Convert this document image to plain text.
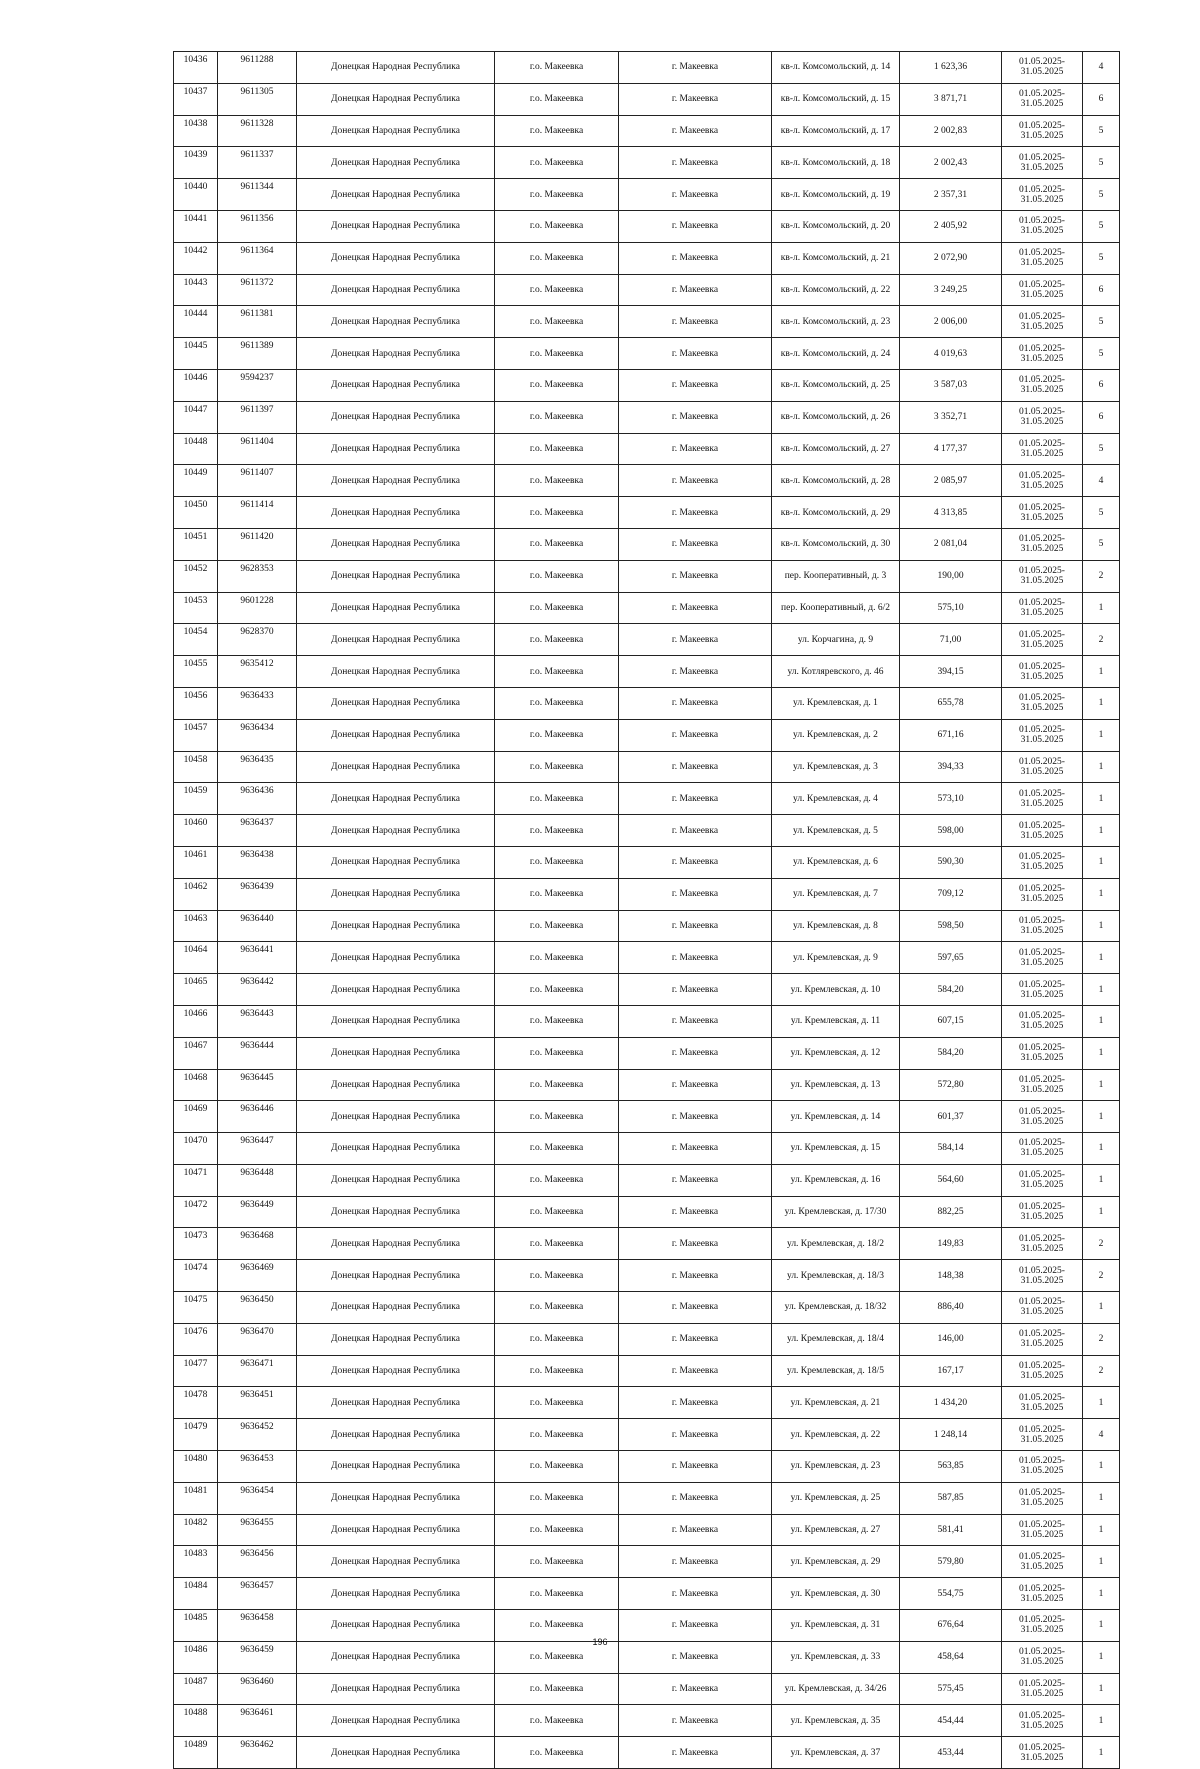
10436	9611288	Донецкая Народная Республика	г.о. Макеевка	г. Макеевка	кв-л. Комсомольский, д. 14	1 623,36	01.05.2025-31.05.2025	4
10437	9611305	Донецкая Народная Республика	г.о. Макеевка	г. Макеевка	кв-л. Комсомольский, д. 15	3 871,71	01.05.2025-31.05.2025	6
10438	9611328	Донецкая Народная Республика	г.о. Макеевка	г. Макеевка	кв-л. Комсомольский, д. 17	2 002,83	01.05.2025-31.05.2025	5
10439	9611337	Донецкая Народная Республика	г.о. Макеевка	г. Макеевка	кв-л. Комсомольский, д. 18	2 002,43	01.05.2025-31.05.2025	5
10440	9611344	Донецкая Народная Республика	г.о. Макеевка	г. Макеевка	кв-л. Комсомольский, д. 19	2 357,31	01.05.2025-31.05.2025	5
10441	9611356	Донецкая Народная Республика	г.о. Макеевка	г. Макеевка	кв-л. Комсомольский, д. 20	2 405,92	01.05.2025-31.05.2025	5
10442	9611364	Донецкая Народная Республика	г.о. Макеевка	г. Макеевка	кв-л. Комсомольский, д. 21	2 072,90	01.05.2025-31.05.2025	5
10443	9611372	Донецкая Народная Республика	г.о. Макеевка	г. Макеевка	кв-л. Комсомольский, д. 22	3 249,25	01.05.2025-31.05.2025	6
10444	9611381	Донецкая Народная Республика	г.о. Макеевка	г. Макеевка	кв-л. Комсомольский, д. 23	2 006,00	01.05.2025-31.05.2025	5
10445	9611389	Донецкая Народная Республика	г.о. Макеевка	г. Макеевка	кв-л. Комсомольский, д. 24	4 019,63	01.05.2025-31.05.2025	5
10446	9594237	Донецкая Народная Республика	г.о. Макеевка	г. Макеевка	кв-л. Комсомольский, д. 25	3 587,03	01.05.2025-31.05.2025	6
10447	9611397	Донецкая Народная Республика	г.о. Макеевка	г. Макеевка	кв-л. Комсомольский, д. 26	3 352,71	01.05.2025-31.05.2025	6
10448	9611404	Донецкая Народная Республика	г.о. Макеевка	г. Макеевка	кв-л. Комсомольский, д. 27	4 177,37	01.05.2025-31.05.2025	5
10449	9611407	Донецкая Народная Республика	г.о. Макеевка	г. Макеевка	кв-л. Комсомольский, д. 28	2 085,97	01.05.2025-31.05.2025	4
10450	9611414	Донецкая Народная Республика	г.о. Макеевка	г. Макеевка	кв-л. Комсомольский, д. 29	4 313,85	01.05.2025-31.05.2025	5
10451	9611420	Донецкая Народная Республика	г.о. Макеевка	г. Макеевка	кв-л. Комсомольский, д. 30	2 081,04	01.05.2025-31.05.2025	5
10452	9628353	Донецкая Народная Республика	г.о. Макеевка	г. Макеевка	пер. Кооперативный, д. 3	190,00	01.05.2025-31.05.2025	2
10453	9601228	Донецкая Народная Республика	г.о. Макеевка	г. Макеевка	пер. Кооперативный, д. 6/2	575,10	01.05.2025-31.05.2025	1
10454	9628370	Донецкая Народная Республика	г.о. Макеевка	г. Макеевка	ул. Корчагина, д. 9	71,00	01.05.2025-31.05.2025	2
10455	9635412	Донецкая Народная Республика	г.о. Макеевка	г. Макеевка	ул. Котляревского, д. 46	394,15	01.05.2025-31.05.2025	1
10456	9636433	Донецкая Народная Республика	г.о. Макеевка	г. Макеевка	ул. Кремлевская, д. 1	655,78	01.05.2025-31.05.2025	1
10457	9636434	Донецкая Народная Республика	г.о. Макеевка	г. Макеевка	ул. Кремлевская, д. 2	671,16	01.05.2025-31.05.2025	1
10458	9636435	Донецкая Народная Республика	г.о. Макеевка	г. Макеевка	ул. Кремлевская, д. 3	394,33	01.05.2025-31.05.2025	1
10459	9636436	Донецкая Народная Республика	г.о. Макеевка	г. Макеевка	ул. Кремлевская, д. 4	573,10	01.05.2025-31.05.2025	1
10460	9636437	Донецкая Народная Республика	г.о. Макеевка	г. Макеевка	ул. Кремлевская, д. 5	598,00	01.05.2025-31.05.2025	1
10461	9636438	Донецкая Народная Республика	г.о. Макеевка	г. Макеевка	ул. Кремлевская, д. 6	590,30	01.05.2025-31.05.2025	1
10462	9636439	Донецкая Народная Республика	г.о. Макеевка	г. Макеевка	ул. Кремлевская, д. 7	709,12	01.05.2025-31.05.2025	1
10463	9636440	Донецкая Народная Республика	г.о. Макеевка	г. Макеевка	ул. Кремлевская, д. 8	598,50	01.05.2025-31.05.2025	1
10464	9636441	Донецкая Народная Республика	г.о. Макеевка	г. Макеевка	ул. Кремлевская, д. 9	597,65	01.05.2025-31.05.2025	1
10465	9636442	Донецкая Народная Республика	г.о. Макеевка	г. Макеевка	ул. Кремлевская, д. 10	584,20	01.05.2025-31.05.2025	1
10466	9636443	Донецкая Народная Республика	г.о. Макеевка	г. Макеевка	ул. Кремлевская, д. 11	607,15	01.05.2025-31.05.2025	1
10467	9636444	Донецкая Народная Республика	г.о. Макеевка	г. Макеевка	ул. Кремлевская, д. 12	584,20	01.05.2025-31.05.2025	1
10468	9636445	Донецкая Народная Республика	г.о. Макеевка	г. Макеевка	ул. Кремлевская, д. 13	572,80	01.05.2025-31.05.2025	1
10469	9636446	Донецкая Народная Республика	г.о. Макеевка	г. Макеевка	ул. Кремлевская, д. 14	601,37	01.05.2025-31.05.2025	1
10470	9636447	Донецкая Народная Республика	г.о. Макеевка	г. Макеевка	ул. Кремлевская, д. 15	584,14	01.05.2025-31.05.2025	1
10471	9636448	Донецкая Народная Республика	г.о. Макеевка	г. Макеевка	ул. Кремлевская, д. 16	564,60	01.05.2025-31.05.2025	1
10472	9636449	Донецкая Народная Республика	г.о. Макеевка	г. Макеевка	ул. Кремлевская, д. 17/30	882,25	01.05.2025-31.05.2025	1
10473	9636468	Донецкая Народная Республика	г.о. Макеевка	г. Макеевка	ул. Кремлевская, д. 18/2	149,83	01.05.2025-31.05.2025	2
10474	9636469	Донецкая Народная Республика	г.о. Макеевка	г. Макеевка	ул. Кремлевская, д. 18/3	148,38	01.05.2025-31.05.2025	2
10475	9636450	Донецкая Народная Республика	г.о. Макеевка	г. Макеевка	ул. Кремлевская, д. 18/32	886,40	01.05.2025-31.05.2025	1
10476	9636470	Донецкая Народная Республика	г.о. Макеевка	г. Макеевка	ул. Кремлевская, д. 18/4	146,00	01.05.2025-31.05.2025	2
10477	9636471	Донецкая Народная Республика	г.о. Макеевка	г. Макеевка	ул. Кремлевская, д. 18/5	167,17	01.05.2025-31.05.2025	2
10478	9636451	Донецкая Народная Республика	г.о. Макеевка	г. Макеевка	ул. Кремлевская, д. 21	1 434,20	01.05.2025-31.05.2025	1
10479	9636452	Донецкая Народная Республика	г.о. Макеевка	г. Макеевка	ул. Кремлевская, д. 22	1 248,14	01.05.2025-31.05.2025	4
10480	9636453	Донецкая Народная Республика	г.о. Макеевка	г. Макеевка	ул. Кремлевская, д. 23	563,85	01.05.2025-31.05.2025	1
10481	9636454	Донецкая Народная Республика	г.о. Макеевка	г. Макеевка	ул. Кремлевская, д. 25	587,85	01.05.2025-31.05.2025	1
10482	9636455	Донецкая Народная Республика	г.о. Макеевка	г. Макеевка	ул. Кремлевская, д. 27	581,41	01.05.2025-31.05.2025	1
10483	9636456	Донецкая Народная Республика	г.о. Макеевка	г. Макеевка	ул. Кремлевская, д. 29	579,80	01.05.2025-31.05.2025	1
10484	9636457	Донецкая Народная Республика	г.о. Макеевка	г. Макеевка	ул. Кремлевская, д. 30	554,75	01.05.2025-31.05.2025	1
10485	9636458	Донецкая Народная Республика	г.о. Макеевка	г. Макеевка	ул. Кремлевская, д. 31	676,64	01.05.2025-31.05.2025	1
10486	9636459	Донецкая Народная Республика	г.о. Макеевка	г. Макеевка	ул. Кремлевская, д. 33	458,64	01.05.2025-31.05.2025	1
10487	9636460	Донецкая Народная Республика	г.о. Макеевка	г. Макеевка	ул. Кремлевская, д. 34/26	575,45	01.05.2025-31.05.2025	1
10488	9636461	Донецкая Народная Республика	г.о. Макеевка	г. Макеевка	ул. Кремлевская, д. 35	454,44	01.05.2025-31.05.2025	1
10489	9636462	Донецкая Народная Республика	г.о. Макеевка	г. Макеевка	ул. Кремлевская, д. 37	453,44	01.05.2025-31.05.2025	1
196
